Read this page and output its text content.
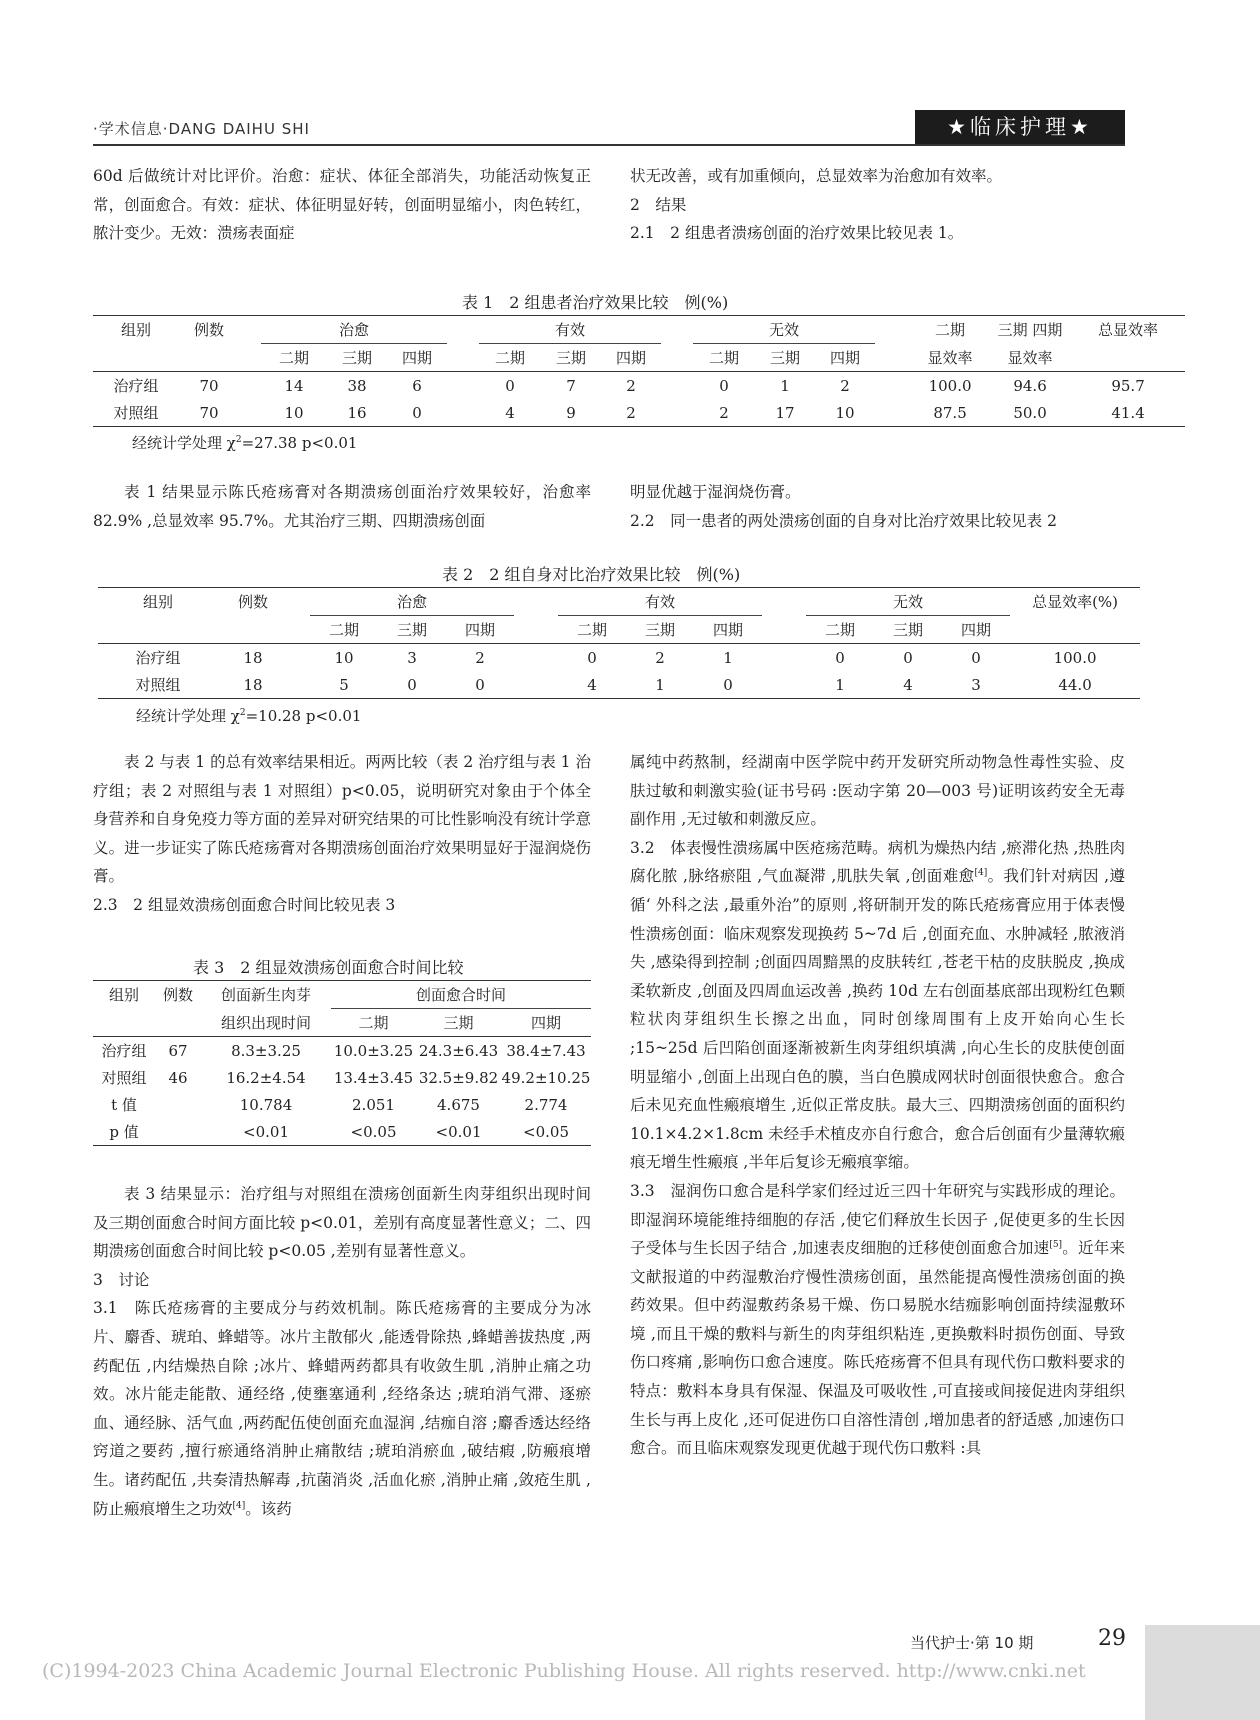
·学术信息·DANG DAIHU SHI	★临床护理★

60d 后做统计对比评价。治愈：症状、体征全部消失，功能活动恢复正常，创面愈合。有效：症状、体征明显好转，创面明显缩小，肉色转红，脓汁变少。无效：溃疡表面症

状无改善，或有加重倾向，总显效率为治愈加有效率。

2　结果

2.1　2 组患者溃疡创面的治疗效果比较见表 1。

表 1　2 组患者治疗效果比较　例(%)
组别	例数		治愈				有效				无效				二期	三期 四期	总显效率
			二期	三期	四期		二期	三期	四期		二期	三期	四期		显效率	显效率	
治疗组	70		14	38	6		0	7	2		0	1	2		100.0	94.6	95.7
对照组	70		10	16	0		4	9	2		2	17	10		87.5	50.0	41.4
经统计学处理 $\chi^2=27.38$ p<0.01

表 1 结果显示陈氏疮疡膏对各期溃疡创面治疗效果较好，治愈率 82.9% ,总显效率 95.7%。尤其治疗三期、四期溃疡创面

明显优越于湿润烧伤膏。

2.2　同一患者的两处溃疡创面的自身对比治疗效果比较见表 2

表 2　2 组自身对比治疗效果比较　例(%)
组别	例数		治愈				有效				无效			总显效率(%)
			二期	三期	四期		二期	三期	四期		二期	三期	四期	
治疗组	18		10	3	2		0	2	1		0	0	0	100.0
对照组	18		5	0	0		4	1	0		1	4	3	44.0
经统计学处理 $\chi^2=10.28$ p<0.01

表 2 与表 1 的总有效率结果相近。两两比较（表 2 治疗组与表 1 治疗组；表 2 对照组与表 1 对照组）p<0.05，说明研究对象由于个体全身营养和自身免疫力等方面的差异对研究结果的可比性影响没有统计学意义。进一步证实了陈氏疮疡膏对各期溃疡创面治疗效果明显好于湿润烧伤膏。

2.3　2 组显效溃疡创面愈合时间比较见表 3

表 3　2 组显效溃疡创面愈合时间比较
组别	例数	创面新生肉芽	创面愈合时间		
		组织出现时间	二期	三期	四期
治疗组	67	8.3±3.25	10.0±3.25	24.3±6.43	38.4±7.43
对照组	46	16.2±4.54	13.4±3.45	32.5±9.82	49.2±10.25
t 值		10.784	2.051	4.675	2.774
p 值		<0.01	<0.05	<0.01	<0.05

表 3 结果显示：治疗组与对照组在溃疡创面新生肉芽组织出现时间及三期创面愈合时间方面比较 p<0.01，差别有高度显著性意义；二、四期溃疡创面愈合时间比较 p<0.05 ,差别有显著性意义。

3　讨论

3.1　陈氏疮疡膏的主要成分与药效机制。陈氏疮疡膏的主要成分为冰片、麝香、琥珀、蜂蜡等。冰片主散郁火 ,能透骨除热 ,蜂蜡善拔热度 ,两药配伍 ,内结燥热自除 ;冰片、蜂蜡两药都具有收敛生肌 ,消肿止痛之功效。冰片能走能散、通经络 ,使壅塞通利 ,经络条达 ;琥珀消气滞、逐瘀血、通经脉、活气血 ,两药配伍使创面充血湿润 ,结痂自溶 ;麝香透达经络窍道之要药 ,擅行瘀通络消肿止痛散结 ;琥珀消瘀血 ,破结瘕 ,防瘢痕增生。诸药配伍 ,共奏清热解毒 ,抗菌消炎 ,活血化瘀 ,消肿止痛 ,敛疮生肌 ,防止瘢痕增生之功效[4]。该药

属纯中药熬制，经湖南中医学院中药开发研究所动物急性毒性实验、皮肤过敏和刺激实验(证书号码 :医动字第 20—003 号)证明该药安全无毒副作用 ,无过敏和刺激反应。

3.2　体表慢性溃疡属中医疮疡范畴。病机为燥热内结 ,瘀滞化热 ,热胜肉腐化脓 ,脉络瘀阻 ,气血凝滞 ,肌肤失氧 ,创面难愈[4]。我们针对病因 ,遵循‘ 外科之法 ,最重外治”的原则 ,将研制开发的陈氏疮疡膏应用于体表慢性溃疡创面：临床观察发现换药 5~7d 后 ,创面充血、水肿减轻 ,脓液消失 ,感染得到控制 ;创面四周黯黑的皮肤转红 ,苍老干枯的皮肤脱皮 ,换成柔软新皮 ,创面及四周血运改善 ,换药 10d 左右创面基底部出现粉红色颗粒状肉芽组织生长擦之出血，同时创缘周围有上皮开始向心生长 ;15~25d 后凹陷创面逐渐被新生肉芽组织填满 ,向心生长的皮肤使创面明显缩小 ,创面上出现白色的膜，当白色膜成网状时创面很快愈合。愈合后未见充血性瘢痕增生 ,近似正常皮肤。最大三、四期溃疡创面的面积约 10.1×4.2×1.8cm 未经手术植皮亦自行愈合，愈合后创面有少量薄软瘢痕无增生性瘢痕 ,半年后复诊无瘢痕挛缩。

3.3　湿润伤口愈合是科学家们经过近三四十年研究与实践形成的理论。即湿润环境能维持细胞的存活 ,使它们释放生长因子 ,促使更多的生长因子受体与生长因子结合 ,加速表皮细胞的迁移使创面愈合加速[5]。近年来文献报道的中药湿敷治疗慢性溃疡创面，虽然能提高慢性溃疡创面的换药效果。但中药湿敷药条易干燥、伤口易脱水结痂影响创面持续湿敷环境 ,而且干燥的敷料与新生的肉芽组织粘连 ,更换敷料时损伤创面、导致伤口疼痛 ,影响伤口愈合速度。陈氏疮疡膏不但具有现代伤口敷料要求的特点：敷料本身具有保湿、保温及可吸收性 ,可直接或间接促进肉芽组织生长与再上皮化 ,还可促进伤口自溶性清创 ,增加患者的舒适感 ,加速伤口愈合。而且临床观察发现更优越于现代伤口敷料 :具

当代护士·第 10 期	29
(C)1994-2023 China Academic Journal Electronic Publishing House. All rights reserved. http://www.cnki.net
